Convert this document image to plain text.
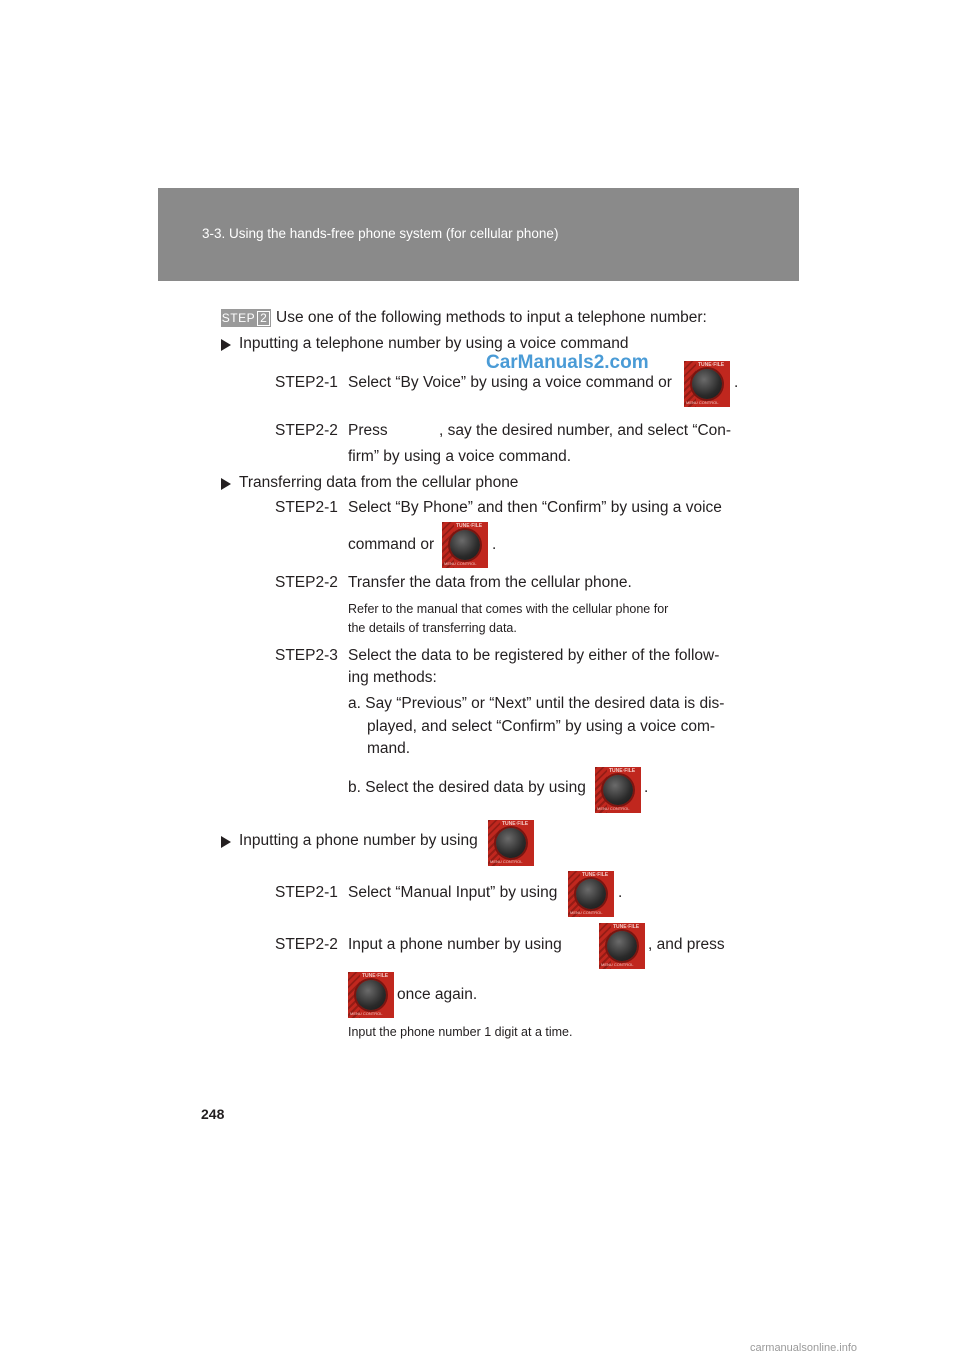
3-3. Using the hands-free phone system (for cellular phone)
CarManuals2.com
STEP 2 Use one of the following methods to input a telephone number:
Inputting a telephone number by using a voice command
STEP2-1 Select “By Voice” by using a voice command or
TUNE·FILE
MENU CONTROL
.
STEP2-2 Press	, say the desired number, and select “Con-
firm” by using a voice command.
Transferring data from the cellular phone
STEP2-1 Select “By Phone” and then “Confirm” by using a voice
command or
TUNE·FILE
MENU CONTROL
.
STEP2-2 Transfer the data from the cellular phone.
Refer to the manual that comes with the cellular phone for
the details of transferring data.
STEP2-3 Select the data to be registered by either of the follow-
ing methods:
a. Say “Previous” or “Next” until the desired data is dis-
played, and select “Confirm” by using a voice com-
mand.
b. Select the desired data by using
TUNE·FILE
MENU CONTROL
.
Inputting a phone number by using
TUNE·FILE
MENU CONTROL
STEP2-1 Select “Manual Input” by using
TUNE·FILE
MENU CONTROL
.
STEP2-2 Input a phone number by using
TUNE·FILE
MENU CONTROL
, and press
TUNE·FILE
MENU CONTROL
once again.
Input the phone number 1 digit at a time.
248
carmanualsonline.info
